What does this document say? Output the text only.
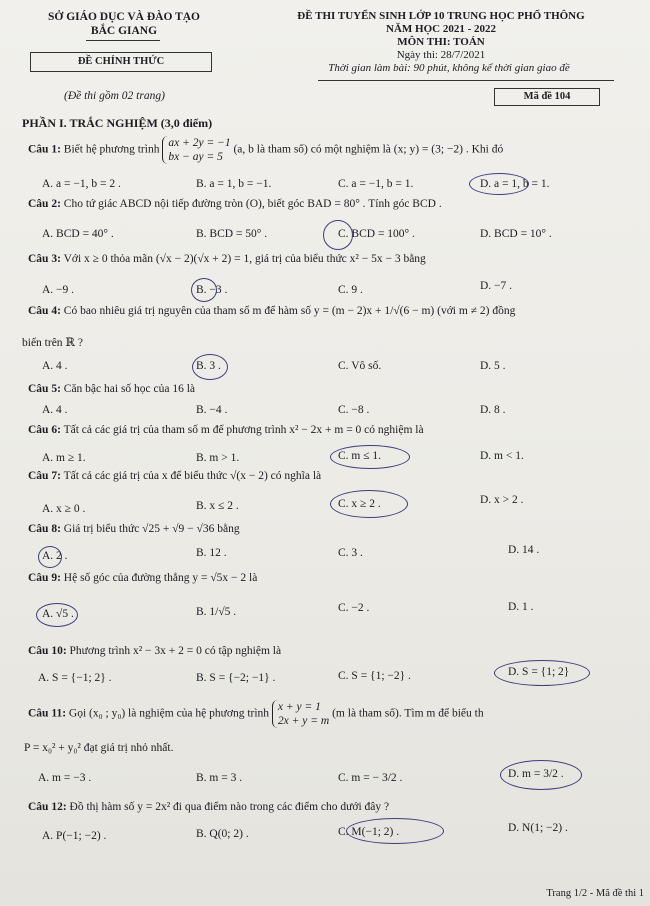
SỞ GIÁO DỤC VÀ ĐÀO TẠO
BẮC GIANG
ĐỀ CHÍNH THỨC
(Đề thi gồm 02 trang)
ĐỀ THI TUYỂN SINH LỚP 10 TRUNG HỌC PHỔ THÔNG
NĂM HỌC 2021 - 2022
MÔN THI: TOÁN
Ngày thi: 28/7/2021
Thời gian làm bài: 90 phút, không kể thời gian giao đề
Mã đề 104
PHẦN I. TRẮC NGHIỆM (3,0 điểm)
Câu 1: Biết hệ phương trình
ax + 2y = −1
bx − ay = 5
(a, b là tham số) có một nghiệm là (x; y) = (3; −2) . Khi đó
A. a = −1, b = 2 .	B. a = 1, b = −1.	C. a = −1, b = 1.	D. a = 1, b = 1.
Câu 2: Cho tứ giác ABCD nội tiếp đường tròn (O), biết góc BAD = 80° . Tính góc BCD .
A. BCD = 40° .	B. BCD = 50° .	C. BCD = 100° .	D. BCD = 10° .
Câu 3: Với x ≥ 0 thỏa mãn (√x − 2)(√x + 2) = 1, giá trị của biểu thức x² − 5x − 3 bằng
A. −9 .	B. −3 .	C. 9 .	D. −7 .
Câu 4: Có bao nhiêu giá trị nguyên của tham số m để hàm số y = (m − 2)x + 1/√(6 − m) (với m ≠ 2) đồng
biến trên ℝ ?
A. 4 .	B. 3 .	C. Vô số.	D. 5 .
Câu 5: Căn bậc hai số học của 16 là
A. 4 .	B. −4 .	C. −8 .	D. 8 .
Câu 6: Tất cả các giá trị của tham số m để phương trình x² − 2x + m = 0 có nghiệm là
A. m ≥ 1.	B. m > 1.	C. m ≤ 1.	D. m < 1.
Câu 7: Tất cả các giá trị của x để biểu thức √(x − 2) có nghĩa là
A. x ≥ 0 .	B. x ≤ 2 .	C. x ≥ 2 .	D. x > 2 .
Câu 8: Giá trị biểu thức √25 + √9 − √36 bằng
A. 2 .	B. 12 .	C. 3 .	D. 14 .
Câu 9: Hệ số góc của đường thẳng y = √5x − 2 là
A. √5 .	B. 1/√5 .	C. −2 .	D. 1 .
Câu 10: Phương trình x² − 3x + 2 = 0 có tập nghiệm là
A. S = {−1; 2} .	B. S = {−2; −1} .	C. S = {1; −2} .	D. S = {1; 2}
Câu 11: Gọi (x₀ ; y₀) là nghiệm của hệ phương trình
x + y = 1
2x + y = m
(m là tham số). Tìm m để biểu th
P = x₀² + y₀² đạt giá trị nhỏ nhất.
A. m = −3 .	B. m = 3 .	C. m = − 3/2 .	D. m = 3/2 .
Câu 12: Đồ thị hàm số y = 2x² đi qua điểm nào trong các điểm cho dưới đây ?
A. P(−1; −2) .	B. Q(0; 2) .	C. M(−1; 2) .	D. N(1; −2) .
Trang 1/2 - Mã đề thi 1
